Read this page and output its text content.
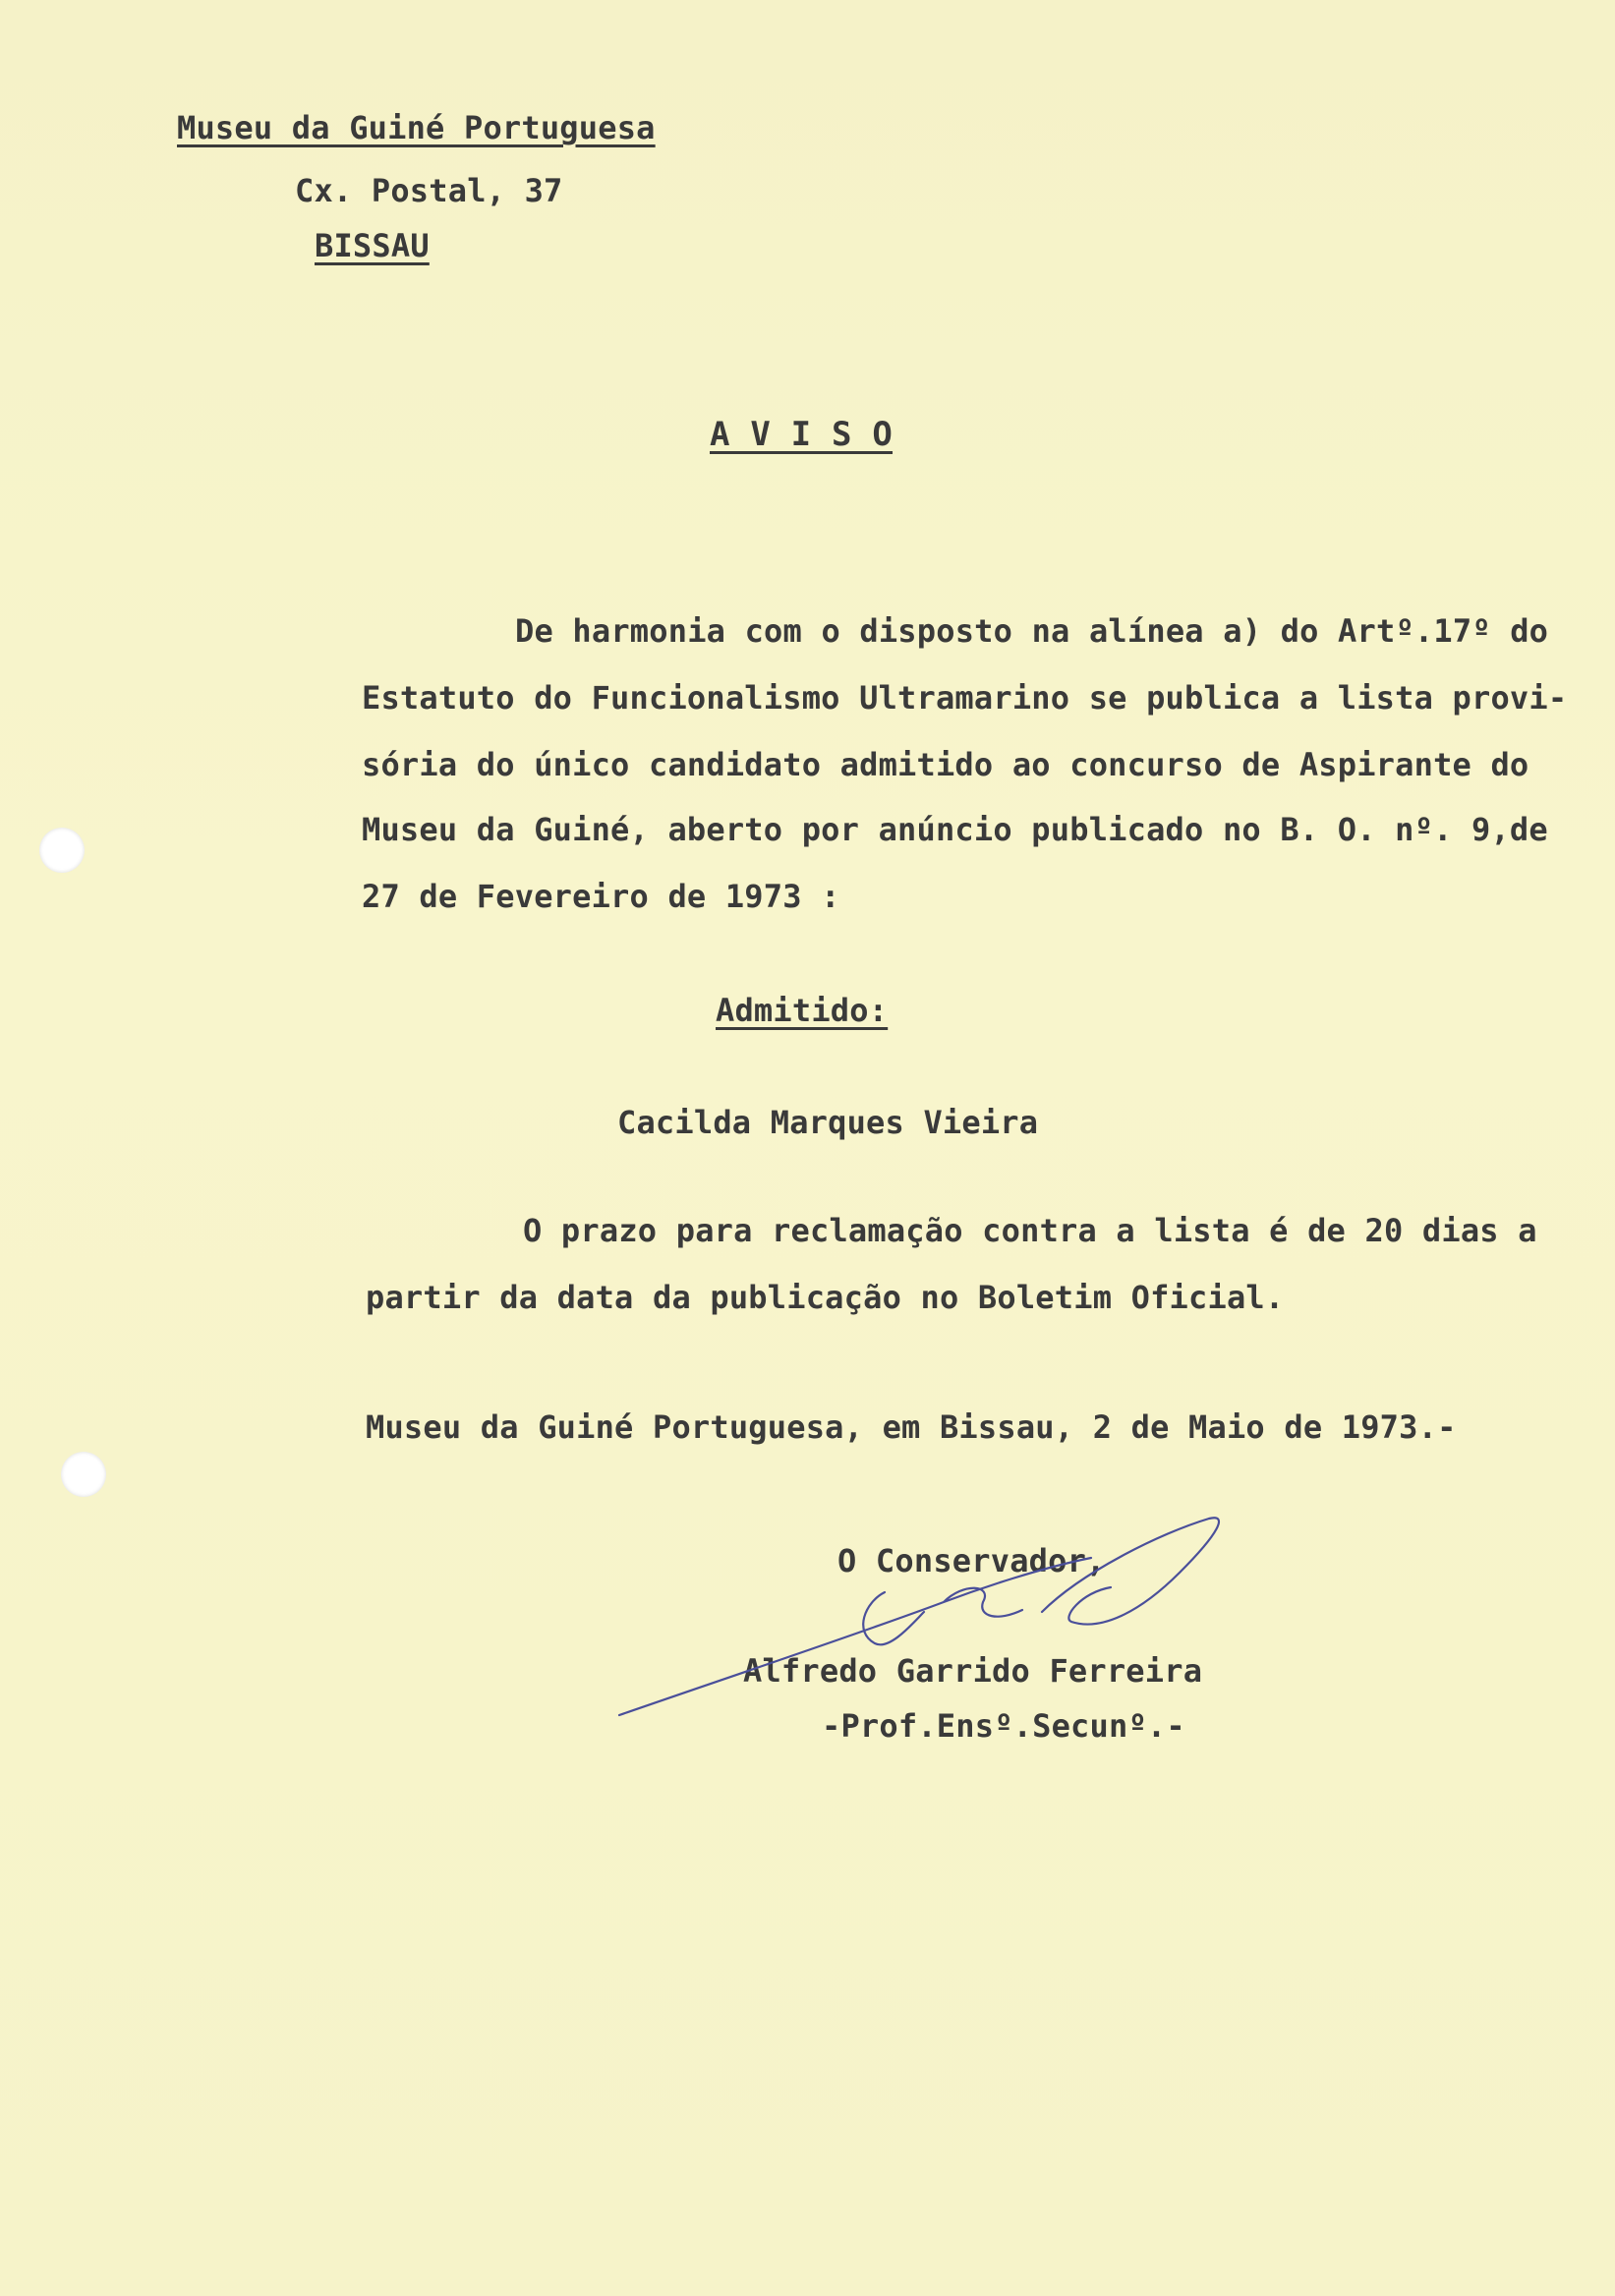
Museu da Guiné Portuguesa
Cx. Postal, 37
BISSAU
A V I S O
De harmonia com o disposto na alínea a) do Artº.17º do
Estatuto do Funcionalismo Ultramarino se publica a lista provi-
sória do único candidato admitido ao concurso de Aspirante do
Museu da Guiné, aberto por anúncio publicado no B. O. nº. 9,de
27 de Fevereiro de 1973 :
Admitido:
Cacilda Marques Vieira
O prazo para reclamação contra a lista é de 20 dias a
partir da data da publicação no Boletim Oficial.
Museu da Guiné Portuguesa, em Bissau, 2 de Maio de 1973.-
O Conservador,
Alfredo Garrido Ferreira
-Prof.Ensº.Secunº.-
